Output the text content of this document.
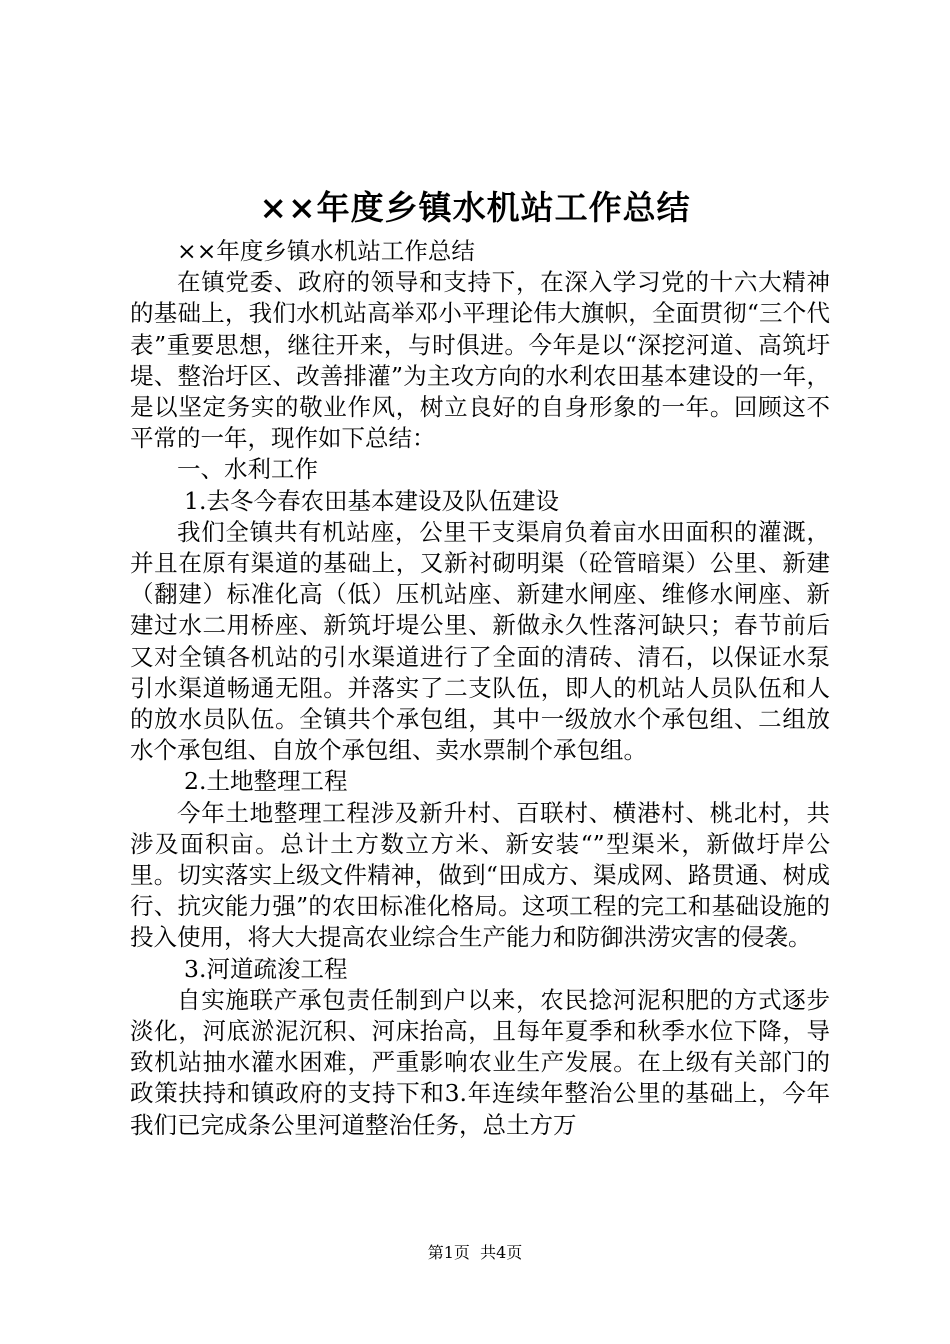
××年度乡镇水机站工作总结

××年度乡镇水机站工作总结

在镇党委、政府的领导和支持下，在深入学习党的十六大精神的基础上，我们水机站高举邓小平理论伟大旗帜，全面贯彻“三个代表”重要思想，继往开来，与时俱进。今年是以“深挖河道、高筑圩堤、整治圩区、改善排灌”为主攻方向的水利农田基本建设的一年，是以坚定务实的敬业作风，树立良好的自身形象的一年。回顾这不平常的一年，现作如下总结：

一、水利工作

1.去冬今春农田基本建设及队伍建设

我们全镇共有机站座，公里干支渠肩负着亩水田面积的灌溉，并且在原有渠道的基础上，又新衬砌明渠（砼管暗渠）公里、新建（翻建）标准化高（低）压机站座、新建水闸座、维修水闸座、新建过水二用桥座、新筑圩堤公里、新做永久性落河缺只；春节前后又对全镇各机站的引水渠道进行了全面的清砖、清石，以保证水泵引水渠道畅通无阻。并落实了二支队伍，即人的机站人员队伍和人的放水员队伍。全镇共个承包组，其中一级放水个承包组、二组放水个承包组、自放个承包组、卖水票制个承包组。

2.土地整理工程

今年土地整理工程涉及新升村、百联村、横港村、桃北村，共涉及面积亩。总计土方数立方米、新安装“”型渠米，新做圩岸公里。切实落实上级文件精神，做到“田成方、渠成网、路贯通、树成行、抗灾能力强”的农田标准化格局。这项工程的完工和基础设施的投入使用，将大大提高农业综合生产能力和防御洪涝灾害的侵袭。

3.河道疏浚工程

自实施联产承包责任制到户以来，农民捻河泥积肥的方式逐步淡化，河底淤泥沉积、河床抬高，且每年夏季和秋季水位下降，导致机站抽水灌水困难，严重影响农业生产发展。在上级有关部门的政策扶持和镇政府的支持下和3.年连续年整治公里的基础上，今年我们已完成条公里河道整治任务，总土方万

第1页 共4页
